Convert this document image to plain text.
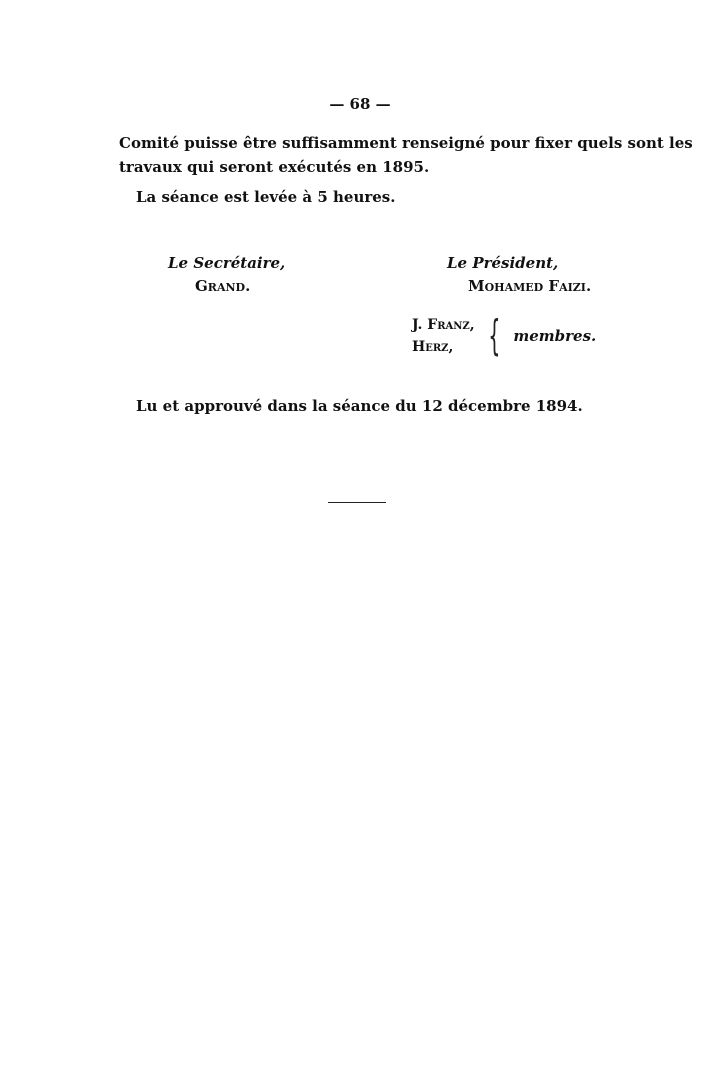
— 68 —
Comité puisse être suffisamment renseigné pour fixer quels sont les
travaux qui seront exécutés en 1895.
La séance est levée à 5 heures.
Le Secrétaire,
Grand.
Le Président,
Mohamed Faizi.
J. Franz,
Herz, { membres.
Lu et approuvé dans la séance du 12 décembre 1894.
